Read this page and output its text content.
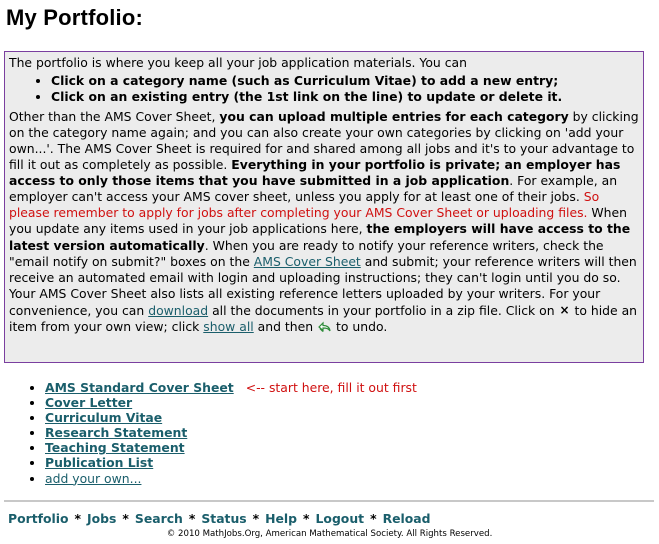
My Portfolio:

The portfolio is where you keep all your job application materials. You can

• Click on a category name (such as Curriculum Vitae) to add a new entry;
• Click on an existing entry (the 1st link on the line) to update or delete it.

Other than the AMS Cover Sheet, you can upload multiple entries for each category by clicking on the category name again; and you can also create your own categories by clicking on 'add your own...'. The AMS Cover Sheet is required for and shared among all jobs and it's to your advantage to fill it out as completely as possible. Everything in your portfolio is private; an employer has access to only those items that you have submitted in a job application. For example, an employer can't access your AMS cover sheet, unless you apply for at least one of their jobs. So please remember to apply for jobs after completing your AMS Cover Sheet or uploading files. When you update any items used in your job applications here, the employers will have access to the latest version automatically. When you are ready to notify your reference writers, check the "email notify on submit?" boxes on the AMS Cover Sheet and submit; your reference writers will then receive an automated email with login and uploading instructions; they can't login until you do so. Your AMS Cover Sheet also lists all existing reference letters uploaded by your writers. For your convenience, you can download all the documents in your portfolio in a zip file. Click on × to hide an item from your own view; click show all and then  to undo.

• AMS Standard Cover Sheet <-- start here, fill it out first
• Cover Letter
• Curriculum Vitae
• Research Statement
• Teaching Statement
• Publication List
• add your own...
Portfolio * Jobs * Search * Status * Help * Logout * Reload
© 2010 MathJobs.Org, American Mathematical Society. All Rights Reserved.
